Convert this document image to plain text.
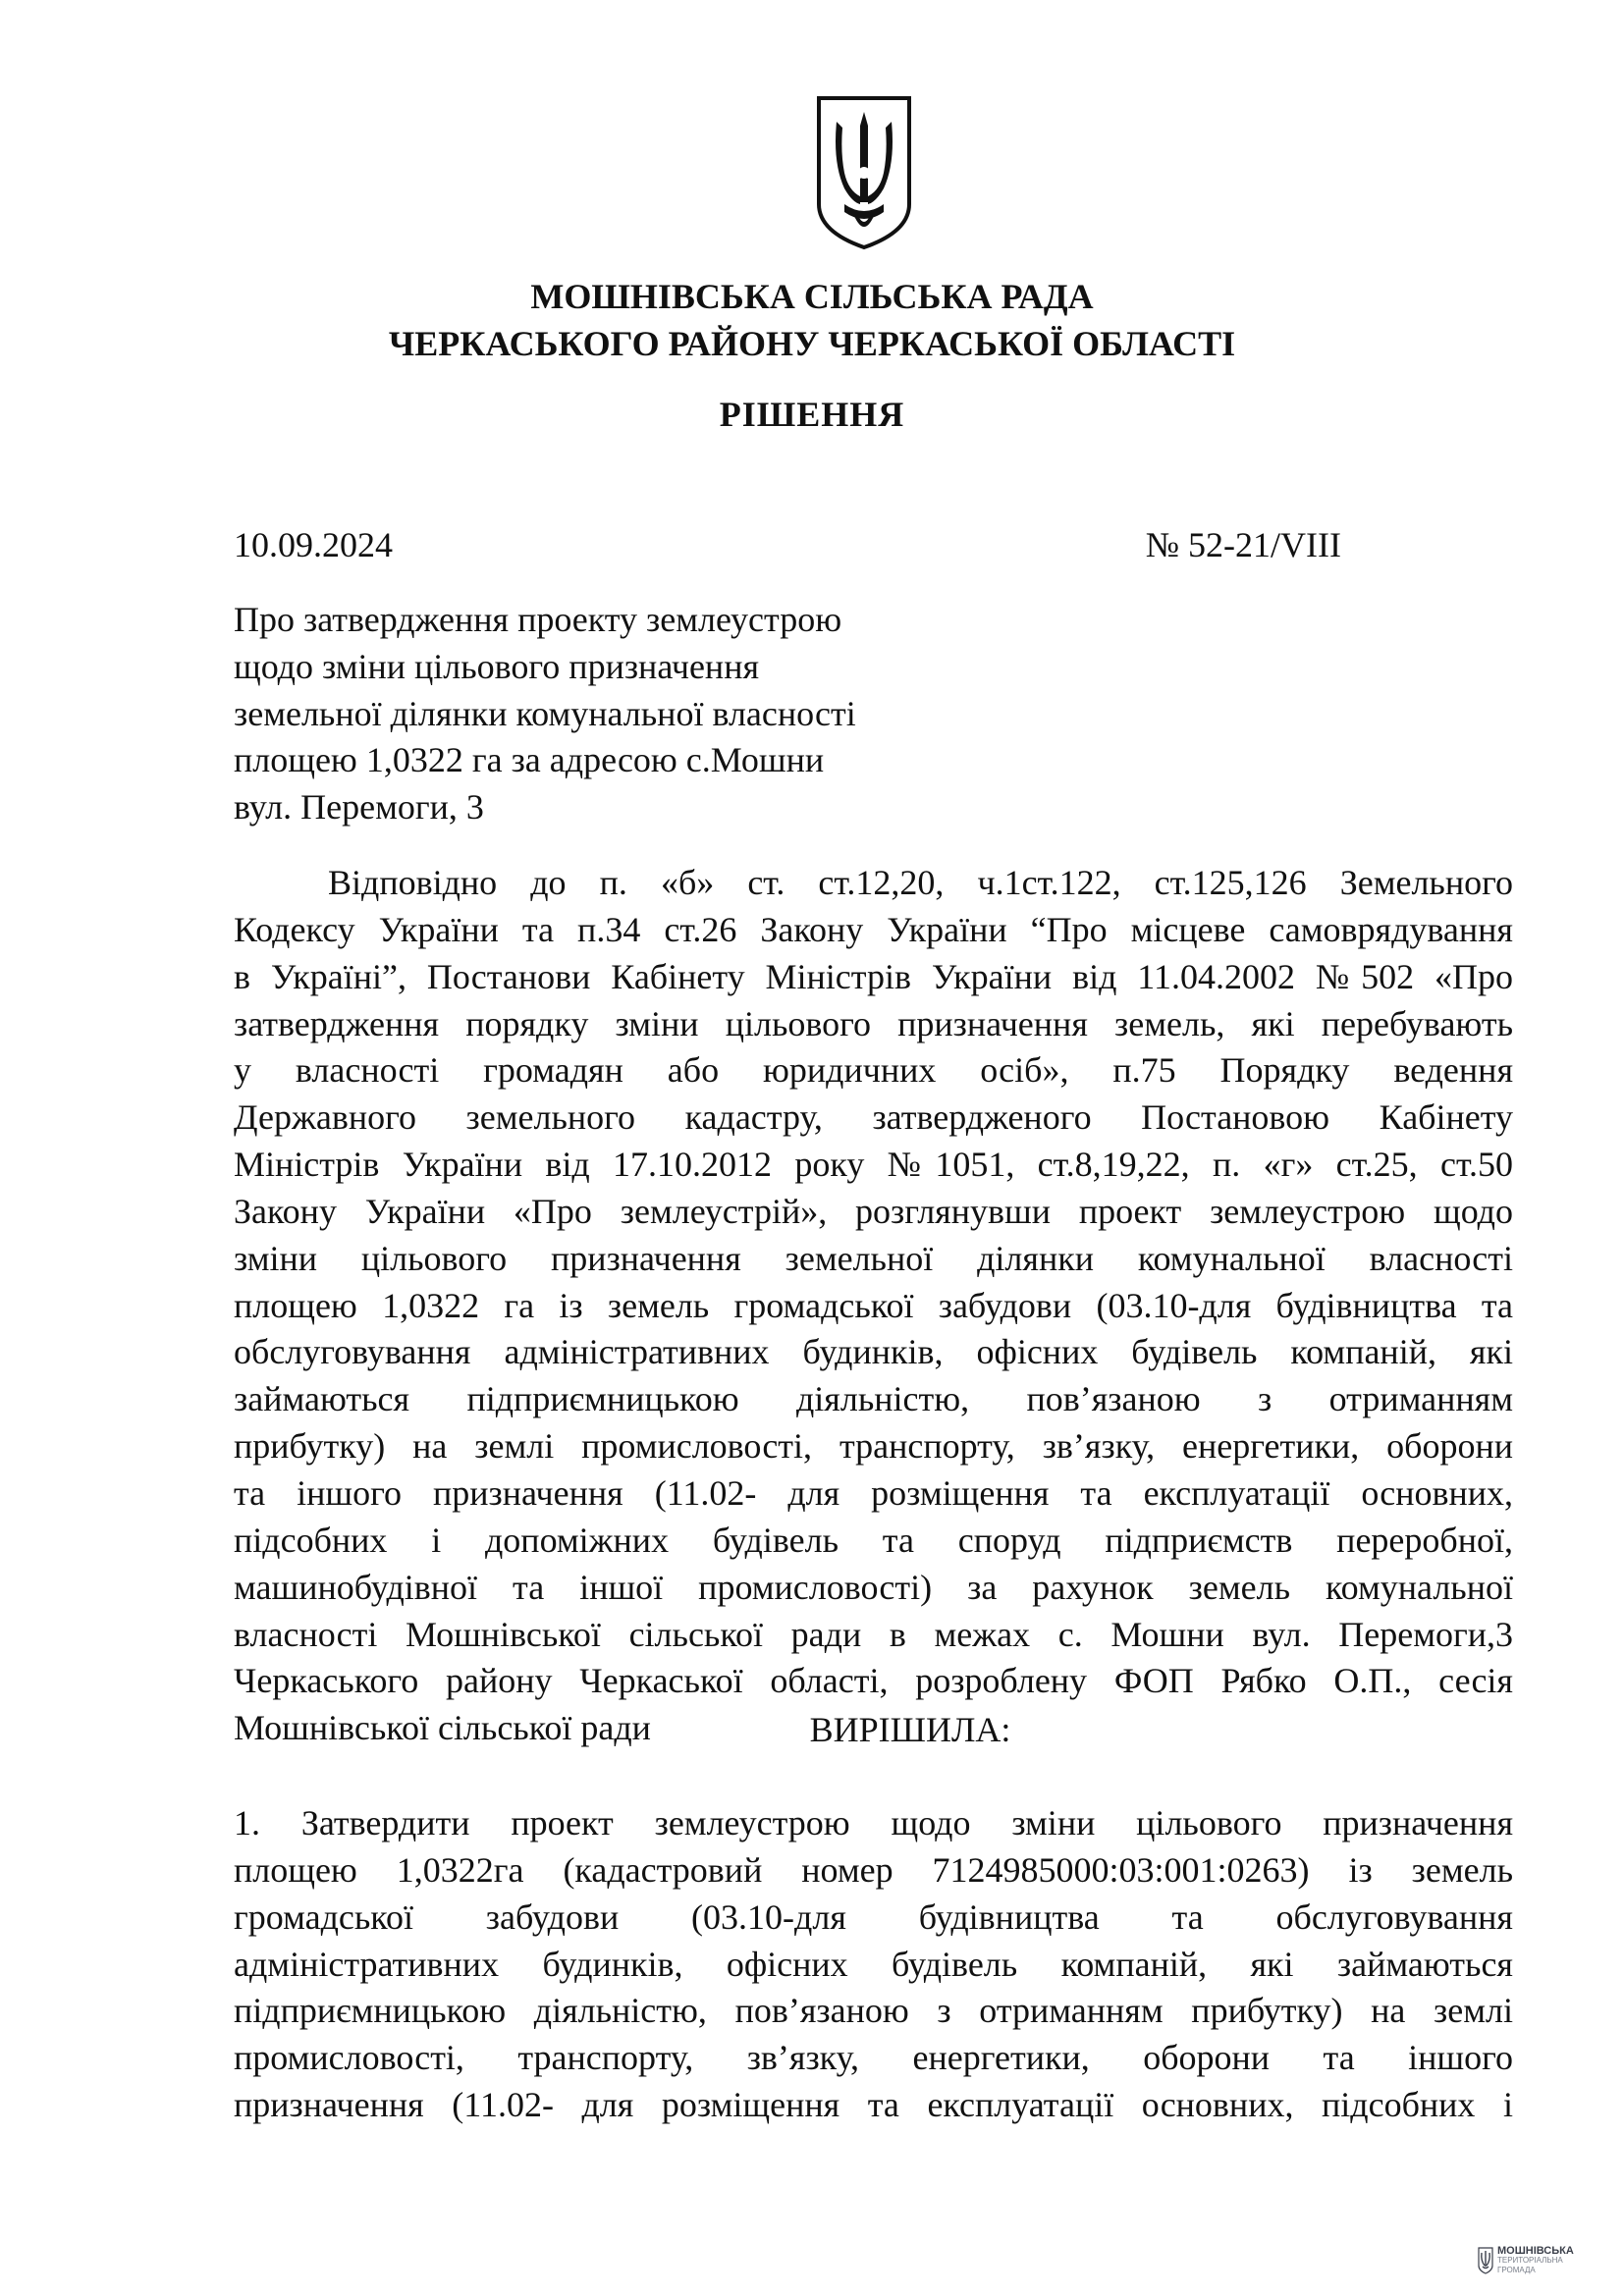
МОШНІВСЬКА СІЛЬСЬКА РАДА
ЧЕРКАСЬКОГО РАЙОНУ ЧЕРКАСЬКОЇ ОБЛАСТІ
РІШЕННЯ
10.09.2024	№ 52-21/VIII
Про затвердження проекту землеустрою
щодо зміни цільового призначення
земельної ділянки комунальної власності
площею 1,0322 га за адресою с.Мошни
вул. Перемоги, 3
Відповідно до п. «б» ст. ст.12,20, ч.1ст.122, ст.125,126 Земельного
Кодексу України та п.34 ст.26 Закону України “Про місцеве самоврядування
в Україні”, Постанови Кабінету Міністрів України від 11.04.2002 №502 «Про
затвердження порядку зміни цільового призначення земель, які перебувають
у власності громадян або юридичних осіб», п.75 Порядку ведення
Державного земельного кадастру, затвердженого Постановою Кабінету
Міністрів України від 17.10.2012 року №1051, ст.8,19,22, п. «г» ст.25, ст.50
Закону України «Про землеустрій», розглянувши проект землеустрою щодо
зміни цільового призначення земельної ділянки комунальної власності
площею 1,0322 га із земель громадської забудови (03.10-для будівництва та
обслуговування адміністративних будинків, офісних будівель компаній, які
займаються підприємницькою діяльністю, пов’язаною з отриманням
прибутку) на землі промисловості, транспорту, зв’язку, енергетики, оборони
та іншого призначення (11.02- для розміщення та експлуатації основних,
підсобних і допоміжних будівель та споруд підприємств переробної,
машинобудівної та іншої промисловості) за рахунок земель комунальної
власності Мошнівської сільської ради в межах с. Мошни вул. Перемоги,3
Черкаського району Черкаської області, розроблену ФОП Рябко О.П., сесія
Мошнівської сільської ради	ВИРІШИЛА:
1. Затвердити проект землеустрою щодо зміни цільового призначення
площею 1,0322га (кадастровий номер 7124985000:03:001:0263) із земель
громадської забудови (03.10-для будівництва та обслуговування
адміністративних будинків, офісних будівель компаній, які займаються
підприємницькою діяльністю, пов’язаною з отриманням прибутку) на землі
промисловості, транспорту, зв’язку, енергетики, оборони та іншого
призначення (11.02- для розміщення та експлуатації основних, підсобних і
МОШНІВСЬКА
ТЕРИТОРІАЛЬНА
ГРОМАДА
